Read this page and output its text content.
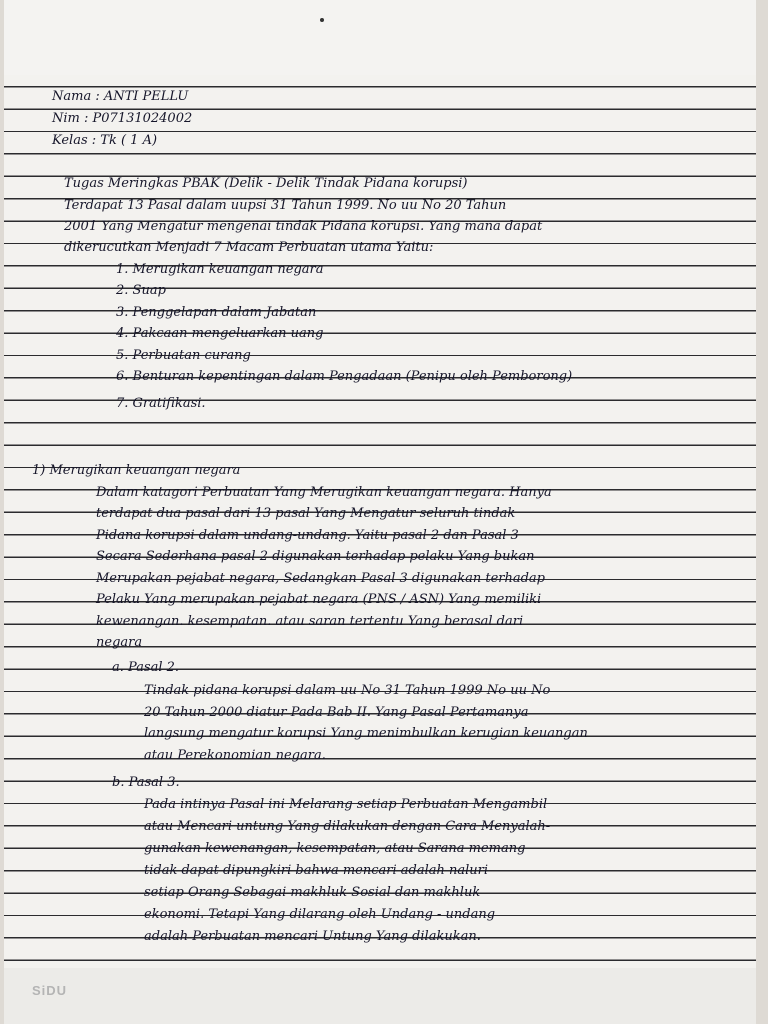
Nama : ANTI PELLU

Nim : P07131024002

Kelas : Tk ( 1 A)

Tugas Meringkas PBAK (Delik - Delik Tindak Pidana korupsi)

Terdapat 13 Pasal dalam uupsi 31 Tahun 1999. No uu No 20 Tahun

2001 Yang Mengatur mengenai tindak Pidana korupsi. Yang mana dapat

dikerucutkan Menjadi 7 Macam Perbuatan utama Yaitu:

1. Merugikan keuangan negara

2. Suap

3. Penggelapan dalam Jabatan

4. Pakcaan mengeluarkan uang

5. Perbuatan curang

6. Benturan kepentingan dalam Pengadaan (Penipu oleh Pemborong)

7. Gratifikasi.

1) Merugikan keuangan negara

Dalam katagori Perbuatan Yang Merugikan keuangan negara. Hanya

terdapat dua pasal dari 13 pasal Yang Mengatur seluruh tindak

Pidana korupsi dalam undang-undang. Yaitu pasal 2 dan Pasal 3

Secara Sederhana pasal 2 digunakan terhadap pelaku Yang bukan

Merupakan pejabat negara, Sedangkan Pasal 3 digunakan terhadap

Pelaku Yang merupakan pejabat negara (PNS / ASN) Yang memiliki

kewenangan. kesempatan. atau saran tertentu Yang berasal dari

negara

a. Pasal 2.

Tindak pidana korupsi dalam uu No 31 Tahun 1999 No uu No

20 Tahun 2000 diatur Pada Bab II. Yang Pasal Pertamanya

langsung mengatur korupsi Yang menimbulkan kerugian keuangan

atau Perekonomian negara.

b. Pasal 3.

Pada intinya Pasal ini Melarang setiap Perbuatan Mengambil

atau Mencari untung Yang dilakukan dengan Cara Menyalah-

gunakan kewenangan, kesempatan, atau Sarana memang

tidak dapat dipungkiri bahwa mencari adalah naluri

setiap Orang Sebagai makhluk Sosial dan makhluk

ekonomi. Tetapi Yang dilarang oleh Undang - undang

adalah Perbuatan mencari Untung Yang dilakukan.

SiDU
